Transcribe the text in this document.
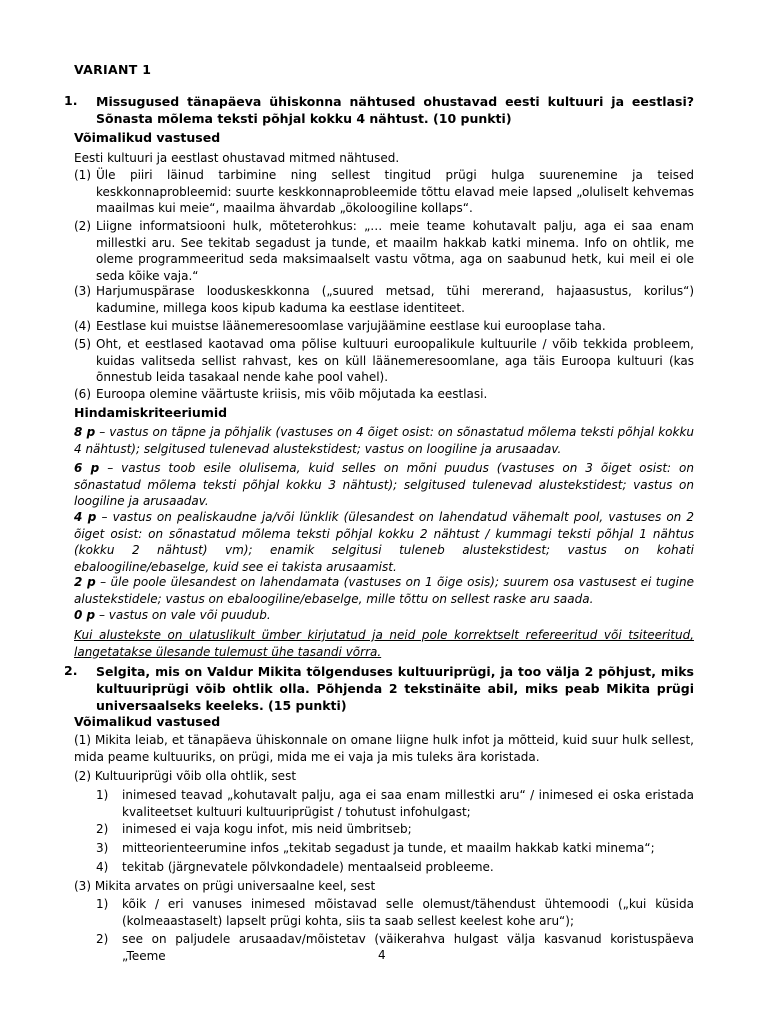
VARIANT 1
1. Missugused tänapäeva ühiskonna nähtused ohustavad eesti kultuuri ja eestlasi? Sõnasta mõlema teksti põhjal kokku 4 nähtust. (10 punkti)
Võimalikud vastused
Eesti kultuuri ja eestlast ohustavad mitmed nähtused.
(1) Üle piiri läinud tarbimine ning sellest tingitud prügi hulga suurenemine ja teised keskkonnaprobleemid: suurte keskkonnaprobleemide tõttu elavad meie lapsed „oluliselt kehvemas maailmas kui meie“, maailma ähvardab „ökoloogiline kollaps“.
(2) Liigne informatsiooni hulk, mõteterohkus: „… meie teame kohutavalt palju, aga ei saa enam millestki aru. See tekitab segadust ja tunde, et maailm hakkab katki minema. Info on ohtlik, me oleme programmeeritud seda maksimaalselt vastu võtma, aga on saabunud hetk, kui meil ei ole seda kõike vaja.“
(3) Harjumuspärase looduskeskkonna („suured metsad, tühi mererand, hajaasustus, korilus“) kadumine, millega koos kipub kaduma ka eestlase identiteet.
(4) Eestlase kui muistse läänemeresoomlase varjujäämine eestlase kui eurooplase taha.
(5) Oht, et eestlased kaotavad oma põlise kultuuri euroopalikule kultuurile / võib tekkida probleem, kuidas valitseda sellist rahvast, kes on küll läänemeresoomlane, aga täis Euroopa kultuuri (kas õnnestub leida tasakaal nende kahe pool vahel).
(6) Euroopa olemine väärtuste kriisis, mis võib mõjutada ka eestlasi.
Hindamiskriteeriumid
8 p – vastus on täpne ja põhjalik (vastuses on 4 õiget osist: on sõnastatud mõlema teksti põhjal kokku 4 nähtust); selgitused tulenevad alustekstidest; vastus on loogiline ja arusaadav.
6 p – vastus toob esile olulisema, kuid selles on mõni puudus (vastuses on 3 õiget osist: on sõnastatud mõlema teksti põhjal kokku 3 nähtust); selgitused tulenevad alustekstidest; vastus on loogiline ja arusaadav.
4 p – vastus on pealiskaudne ja/või lünklik (ülesandest on lahendatud vähemalt pool, vastuses on 2 õiget osist: on sõnastatud mõlema teksti põhjal kokku 2 nähtust / kummagi teksti põhjal 1 nähtus (kokku 2 nähtust) vm); enamik selgitusi tuleneb alustekstidest; vastus on kohati ebaloogiline/ebaselge, kuid see ei takista arusaamist.
2 p – üle poole ülesandest on lahendamata (vastuses on 1 õige osis); suurem osa vastusest ei tugine alustekstidele; vastus on ebaloogiline/ebaselge, mille tõttu on sellest raske aru saada.
0 p – vastus on vale või puudub.
Kui alustekste on ulatuslikult ümber kirjutatud ja neid pole korrektselt refereeritud või tsiteeritud, langetatakse ülesande tulemust ühe tasandi võrra.
2. Selgita, mis on Valdur Mikita tõlgenduses kultuuriprügi, ja too välja 2 põhjust, miks kultuuriprügi võib ohtlik olla. Põhjenda 2 tekstinäite abil, miks peab Mikita prügi universaalseks keeleks. (15 punkti)
Võimalikud vastused
(1) Mikita leiab, et tänapäeva ühiskonnale on omane liigne hulk infot ja mõtteid, kuid suur hulk sellest, mida peame kultuuriks, on prügi, mida me ei vaja ja mis tuleks ära koristada.
(2) Kultuuriprügi võib olla ohtlik, sest
1) inimesed teavad „kohutavalt palju, aga ei saa enam millestki aru“ / inimesed ei oska eristada kvaliteetset kultuuri kultuuriprügist / tohutust infohulgast;
2) inimesed ei vaja kogu infot, mis neid ümbritseb;
3) mitteorienteerumine infos „tekitab segadust ja tunde, et maailm hakkab katki minema“;
4) tekitab (järgnevatele põlvkondadele) mentaalseid probleeme.
(3) Mikita arvates on prügi universaalne keel, sest
1) kõik / eri vanuses inimesed mõistavad selle olemust/tähendust ühtemoodi („kui küsida (kolmeaastaselt) lapselt prügi kohta, siis ta saab sellest keelest kohe aru“);
2) see on paljudele arusaadav/mõistetav (väikerahva hulgast välja kasvanud koristuspäeva „Teeme	4
